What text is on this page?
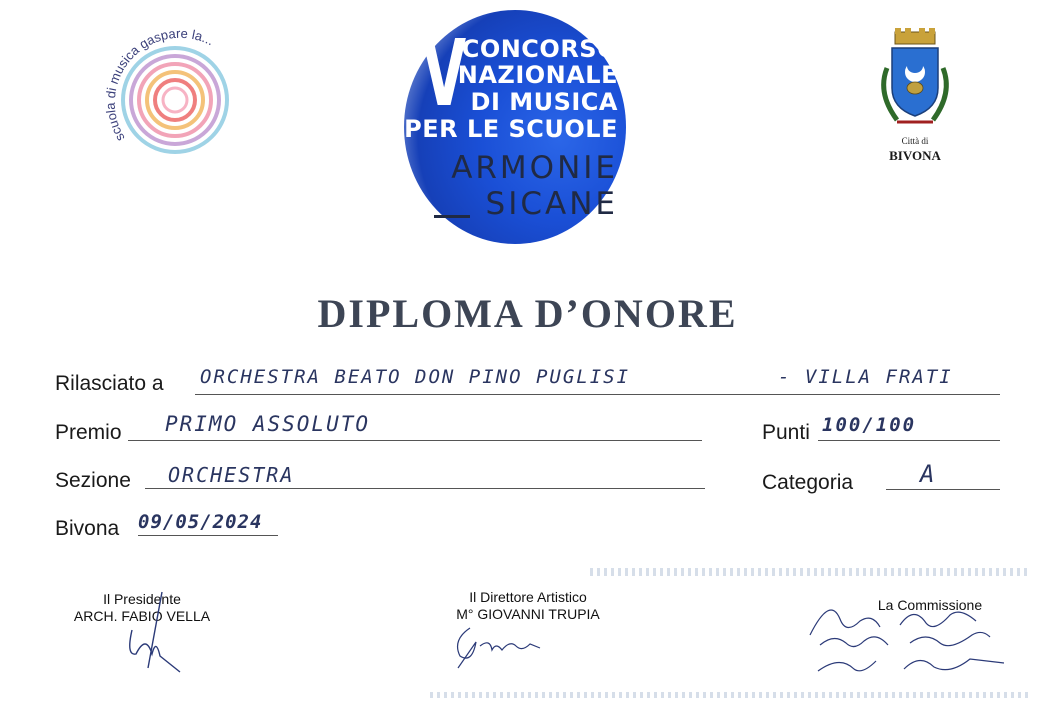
scuo i musica gaspare la... V
CONCORSO
NAZIONALE
DI MUSICA
PER LE SCUOLE
ARMONIE
SICANE
Città di
BIVONA
DIPLOMA D’ONORE
Rilasciato a ORCHESTRA BEATO DON PINO PUGLISI	- VILLA FRATI
Premio PRIMO ASSOLUTO	Punti 100/100
Sezione ORCHESTRA	Categoria	A
Bivona 09/05/2024
Il Presidente
ARCH. FABIO VELLA
Il Direttore Artistico
M° GIOVANNI TRUPIA
La Commissione
